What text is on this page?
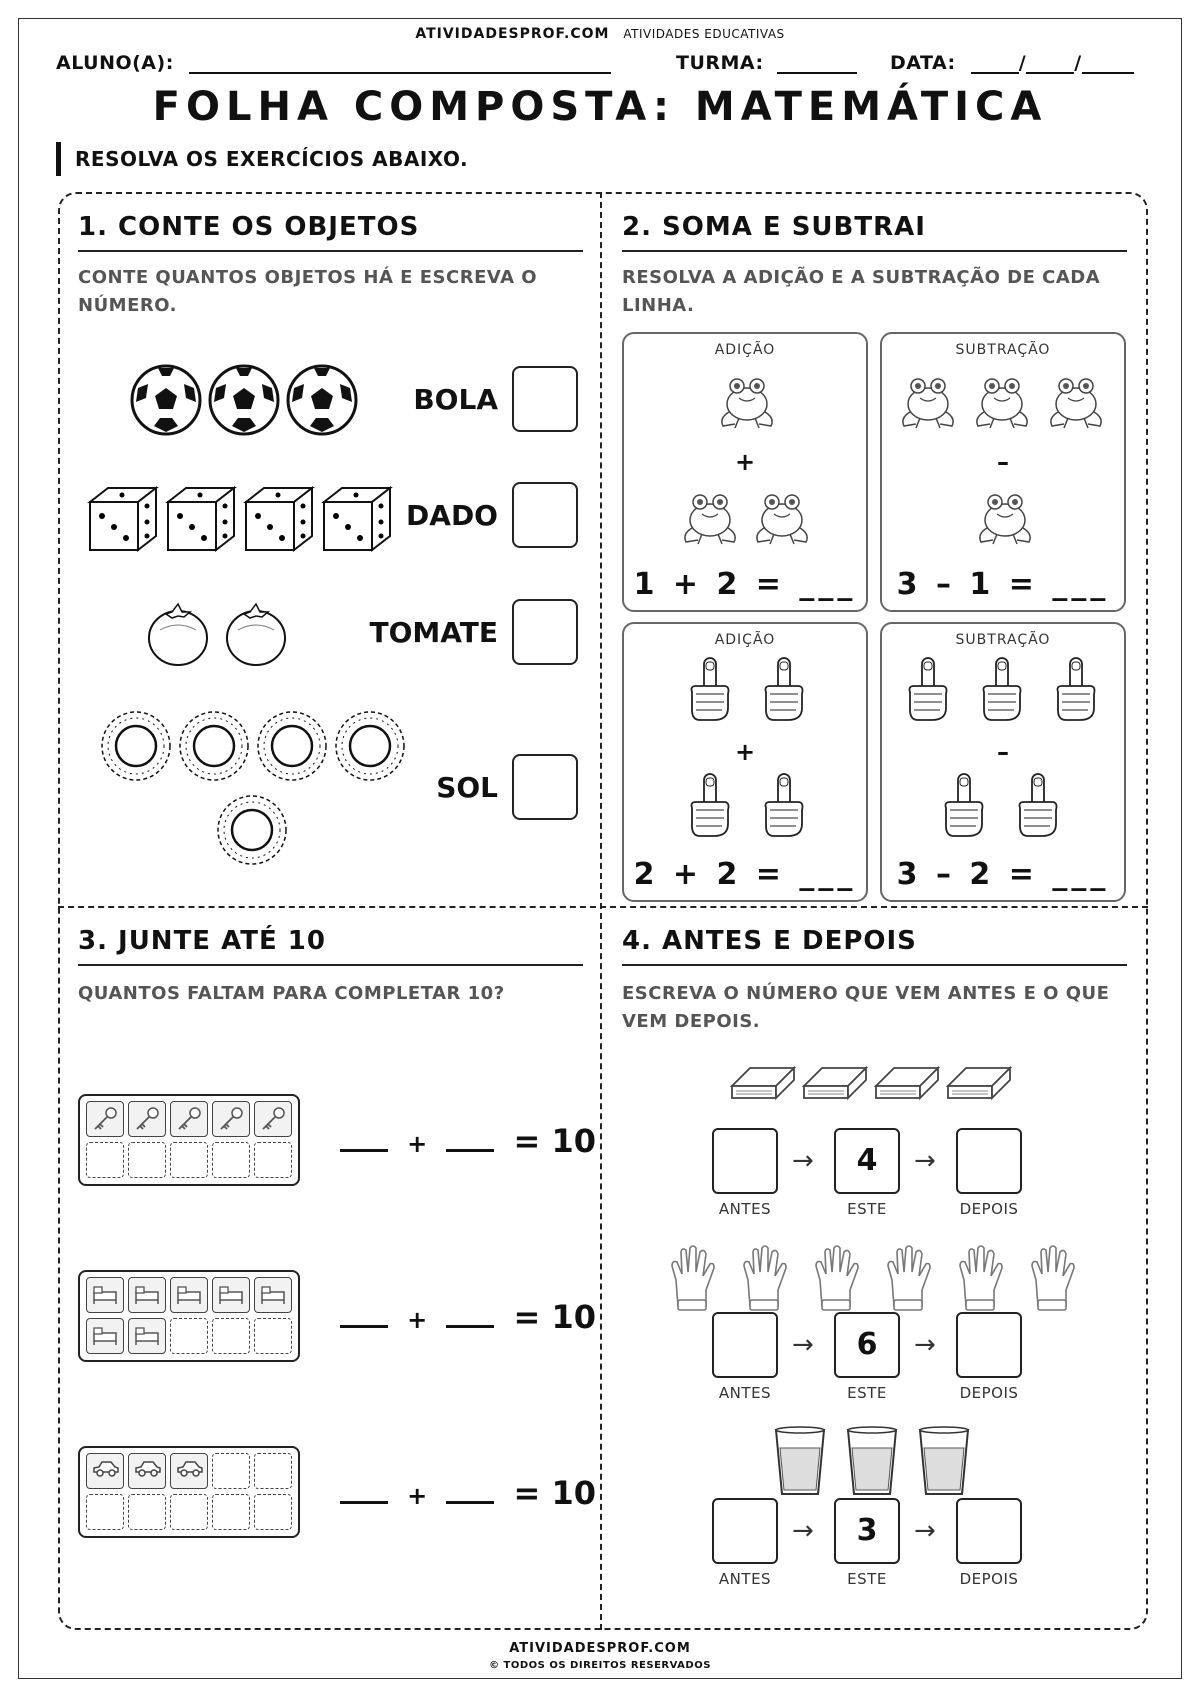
ATIVIDADESPROF.COM ATIVIDADES EDUCATIVAS
ALUNO(A):	TURMA:	DATA:	/	/
FOLHA COMPOSTA: MATEMÁTICA
RESOLVA OS EXERCÍCIOS ABAIXO.
1. CONTE OS OBJETOS
CONTE QUANTOS OBJETOS HÁ E ESCREVA O NÚMERO.
BOLA
DADO
TOMATE
SOL
2. SOMA E SUBTRAI
RESOLVA A ADIÇÃO E A SUBTRAÇÃO DE CADA LINHA.
ADIÇÃO
+
1 + 2 = ___
SUBTRAÇÃO
–
3 – 1 = ___
ADIÇÃO
+
2 + 2 = ___
SUBTRAÇÃO
–
3 – 2 = ___
3. JUNTE ATÉ 10
QUANTOS FALTAM PARA COMPLETAR 10?
+	= 10
+	= 10
+	= 10
4. ANTES E DEPOIS
ESCREVA O NÚMERO QUE VEM ANTES E O QUE VEM DEPOIS.
→	4	→
ANTES	ESTE	DEPOIS
→	6	→
ANTES	ESTE	DEPOIS
→	3	→
ANTES	ESTE	DEPOIS
ATIVIDADESPROF.COM
© TODOS OS DIREITOS RESERVADOS
